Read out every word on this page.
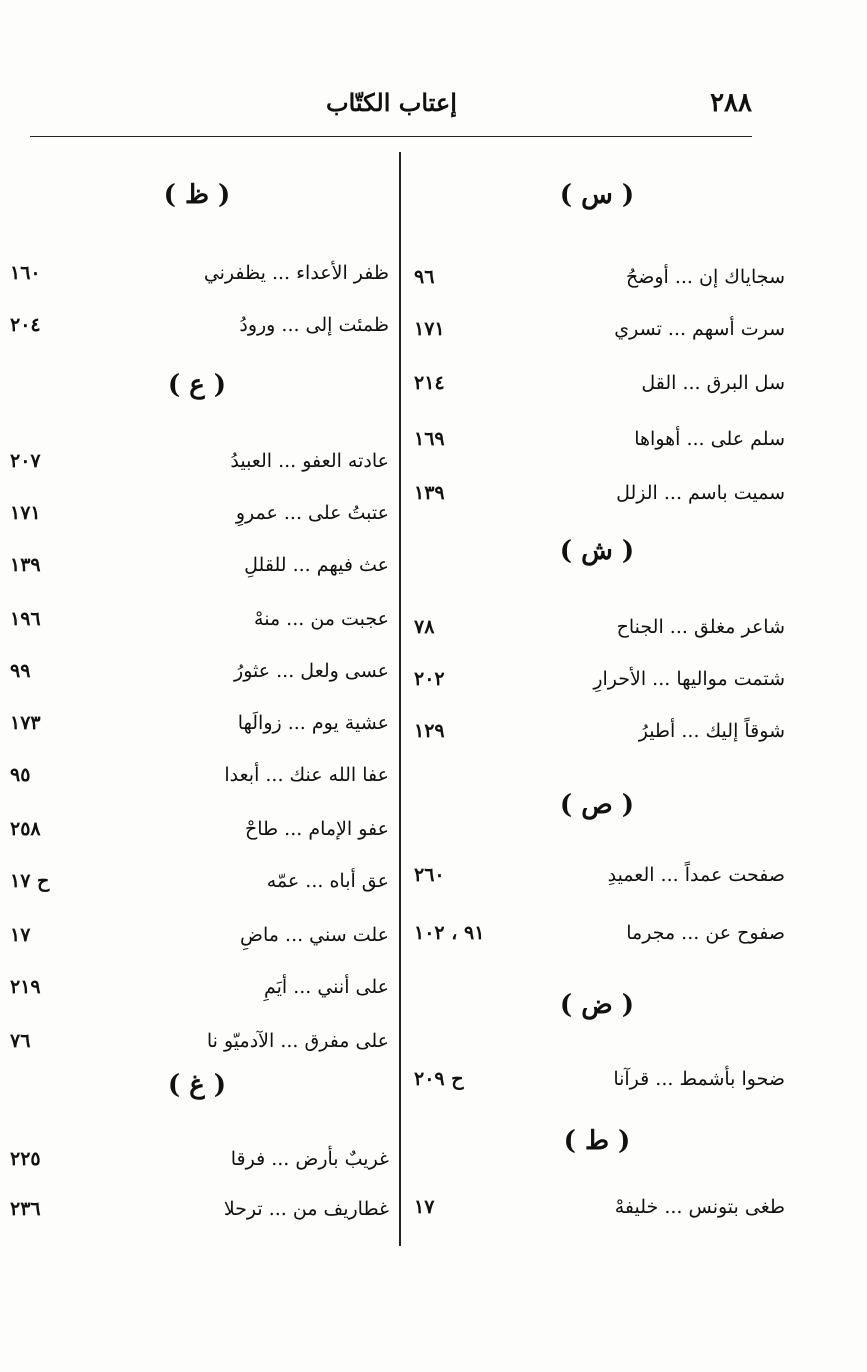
٢٨٨
إعتاب الكتّاب
( س )
سجاياك إن ... أوضحُ
٩٦
سرت أسهم ... تسري
١٧١
سل البرق ... القل
٢١٤
سلم على ... أهواها
١٦٩
سميت باسم ... الزلل
١٣٩
( ش )
شاعر مغلق ... الجناح
٧٨
شتمت مواليها ... الأحرارِ
٢٠٢
شوقاً إليك ... أطيرُ
١٢٩
( ص )
صفحت عمداً ... العميدِ
٢٦٠
صفوح عن ... مجرما
٩١ ، ١٠٢
( ض )
ضحوا بأشمط ... قرآنا
ح ٢٠٩
( ط )
طغى بتونس ... خليفهْ
١٧
( ظ )
ظفر الأعداء ... يظفرني
١٦٠
ظمئت إلى ... ورودُ
٢٠٤
( ع )
عادته العفو ... العبيدُ
٢٠٧
عتبتُ على ... عمروِ
١٧١
عث فيهم ... للقللِ
١٣٩
عجبت من ... منهْ
١٩٦
عسى ولعل ... عثورُ
٩٩
عشية يوم ... زوالَها
١٧٣
عفا الله عنك ... أبعدا
٩٥
عفو الإمام ... طاحْ
٢٥٨
عق أباه ... عمّه
ح ١٧
علت سني ... ماضِ
١٧
على أنني ... أيَمِ
٢١٩
على مفرق ... الآدميّو نا
٧٦
( غ )
غريبٌ بأرض ... فرقا
٢٢٥
غطاريف من ... ترحلا
٢٣٦
